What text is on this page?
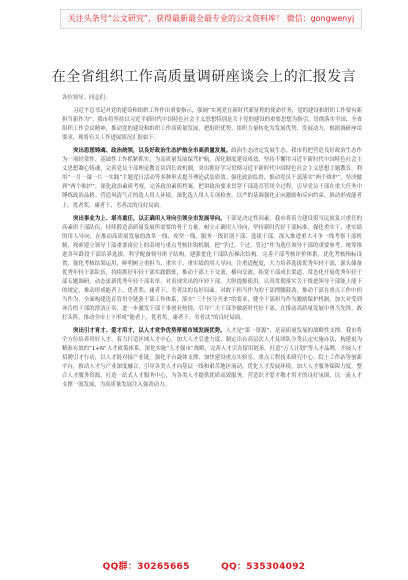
关注头条号“公文研究”，获得最新最全最专业的公文资料库！ 微信：gongwenyj
在全省组织工作高质量调研座谈会上的汇报发言

各位领导、同志们：

习近平总书记对党的建设和组织工作作出重要指示，强调“实现党在新时代新征程的使命任务，党的建设和组织工作要有新担当新作为”。我市将坚持以习近平新时代中国特色社会主义思想特别是关于党的建设的重要思想为指引，贯彻落实全国、全省组织工作会议精神，推动党的建设和组织工作高质量发展，把组织优势、组织力量转化为发展优势、发展动力，根据调研座谈要求，现将有关工作进展情况汇报如下：

突出思想铸魂、政治统领，以良好政治生态护航全市高质量发展。政治生态决定发展生态。我市将把营造良好政治生态作为一项经常性、基础性工作抓紧抓实，为高质量发展保驾护航。深化制度建设成效，坚持不懈用习近平新时代中国特色社会主义思想凝心铸魂，完善党员干部理论教育培训长效机制，突出抓好学习贯彻习近平新时代中国特色社会主义思想主题教育，利用“一月一课一片一实践”主题党日活动等多种形式提升理论武装质效。强化政治监督，推动党员干部落实“两个维护”，坚决做到“两个维护”，深化政治素质考察，完善政治素质档案，把讲政治要求贯穿干部选育管用全过程，引导党员干部在重大任务中锤炼政治品格。营造风清气正的选人用人环境，深化选人用人专项检查，以严的基调强化正向激励和反向约束，推动形成能者上、优者奖、庸者下、劣者汰的良好局面。

突出事业为上、堪当重任，以正确用人导向引领全市发展导向。干部是决定性因素。我市将着力建设堪当民族复兴重任的高素质干部队伍，持续锻造高质量发展所需要的骨干力量。树立正确用人导向，坚持新时代好干部标准，强化重实干、重实绩的用人导向，在推动高质量发展的改革一线、攻坚一线、服务一线识别干部、选拔干部。深入推进重大斗争一线考察干部机制，探索建立领导干部重要岗位上的表现与重点考核挂钩机制，把“学过、干过、管过”作为选任领导干部的重要参考，统筹推进各年龄段干部培养选拔，科学配备领导班子结构，建强优化干部队伍梯次结构。完善干部考核评价体系，优化考核指标设置，强化考核结果运用，鲜明树立重担当、重实干、重实绩的用人导向。注重适配度，大力培养选拔优秀年轻干部，源头储备优秀年轻干部队伍，持续抓好年轻干部实践锻炼，推动干部上下交流、横向交流，拓宽干部成长渠道。常态化开展优秀年轻干部专题调研，动态更新优秀年轻干部名单，对表现突出的年轻干部，大胆提拔使用。认真贯彻落实关于推进领导干部能上能下的规定，推动形成能者上、优者奖、庸者下、劣者汰的良好局面。对敢于担当作为的干部撑腰鼓劲，推动干部在重点工作中担当作为，全面构建选育管用全链条干部工作体系，落实“三个区分开来”的要求，健全干部担当作为激励保护机制，加大对受到诬告的干部的澄清正名，进一步激发干部干事创业热情，引导广大干部争做新时代好干部，在推动高质量发展中勇当先锋、敢打头阵，推动全市上下形成“能者上、优者奖、庸者下、劣者汰”的良好局面。

突出引才育才、爱才用才，以人才竞争优势厚植市域发展优势。人才是“第一资源”，是高质量发展的战略性支撑。我市将全方位培养用好人才，着力打造区域人才中心。加大人才引进力度，制定出台高层次人才及团队分类认定实施办法，构建更为精准有效的“1+N”人才政策体系，深化实施“人才强市”战略，完善人才引育留用链条，打造“万人计划”等人才品牌，开展人才招聘引才行动，以人才链对接产业链。强化平台载体支撑，加快建设重点实验室、重点工程技术研究中心、院士工作站等创新平台，推动人才与产业深度融合，引导各类人才向基层一线和艰苦地区流动。优化人才发展环境，加大人才服务保障力度，整合人才服务资源，打造一站式人才服务中心，为各类人才提供优质高效服务，营造识才爱才敬才用才的良好氛围，以一流人才支撑一流发展，为高质量发展注入强劲动力。

QQ群：30265665	QQ：535304092
